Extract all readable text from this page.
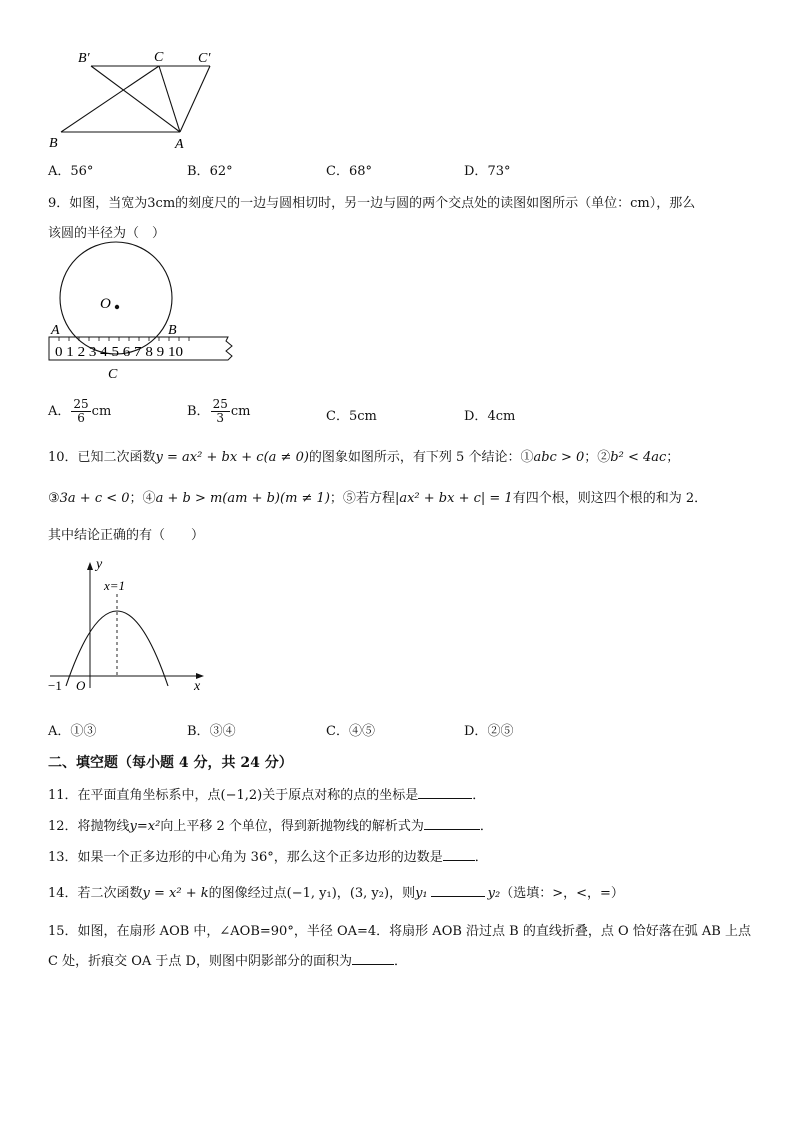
B′	C C′
B	A
A．56°	B．62°	C．68°	D．73°
9．如图，当宽为3cm的刻度尺的一边与圆相切时，另一边与圆的两个交点处的读图如图所示（单位：cm），那么
该圆的半径为（　）
O
0 1 2 3 4 5 6 7 8 9 10
A	B
C
A． $\frac{25}{6}$ cm	B． $\frac{25}{3}$ cm	C．5cm	D．4cm
10．已知二次函数y = ax² + bx + c(a ≠ 0)的图象如图所示，有下列 5 个结论：①abc > 0；②b² < 4ac；
③3a + c < 0；④a + b > m(am + b)(m ≠ 1)；⑤若方程|ax² + bx + c| = 1有四个根，则这四个根的和为 2．
其中结论正确的有（　　）
y
x
x=1
O
−1
A．①③	B．③④	C．④⑤	D．②⑤
二、填空题（每小题 4 分，共 24 分）
11．在平面直角坐标系中，点(−1,2)关于原点对称的点的坐标是	．
12．将抛物线y=x²向上平移 2 个单位，得到新抛物线的解析式为	．
13．如果一个正多边形的中心角为 36°，那么这个正多边形的边数是 ．
14．若二次函数y = x² + k的图像经过点(−1, y₁)，(3, y₂)，则y₁	y₂（选填：>，<，=）
15．如图，在扇形 AOB 中，∠AOB=90°，半径 OA=4．将扇形 AOB 沿过点 B 的直线折叠，点 O 恰好落在弧 AB 上点
C 处，折痕交 OA 于点 D，则图中阴影部分的面积为	．
